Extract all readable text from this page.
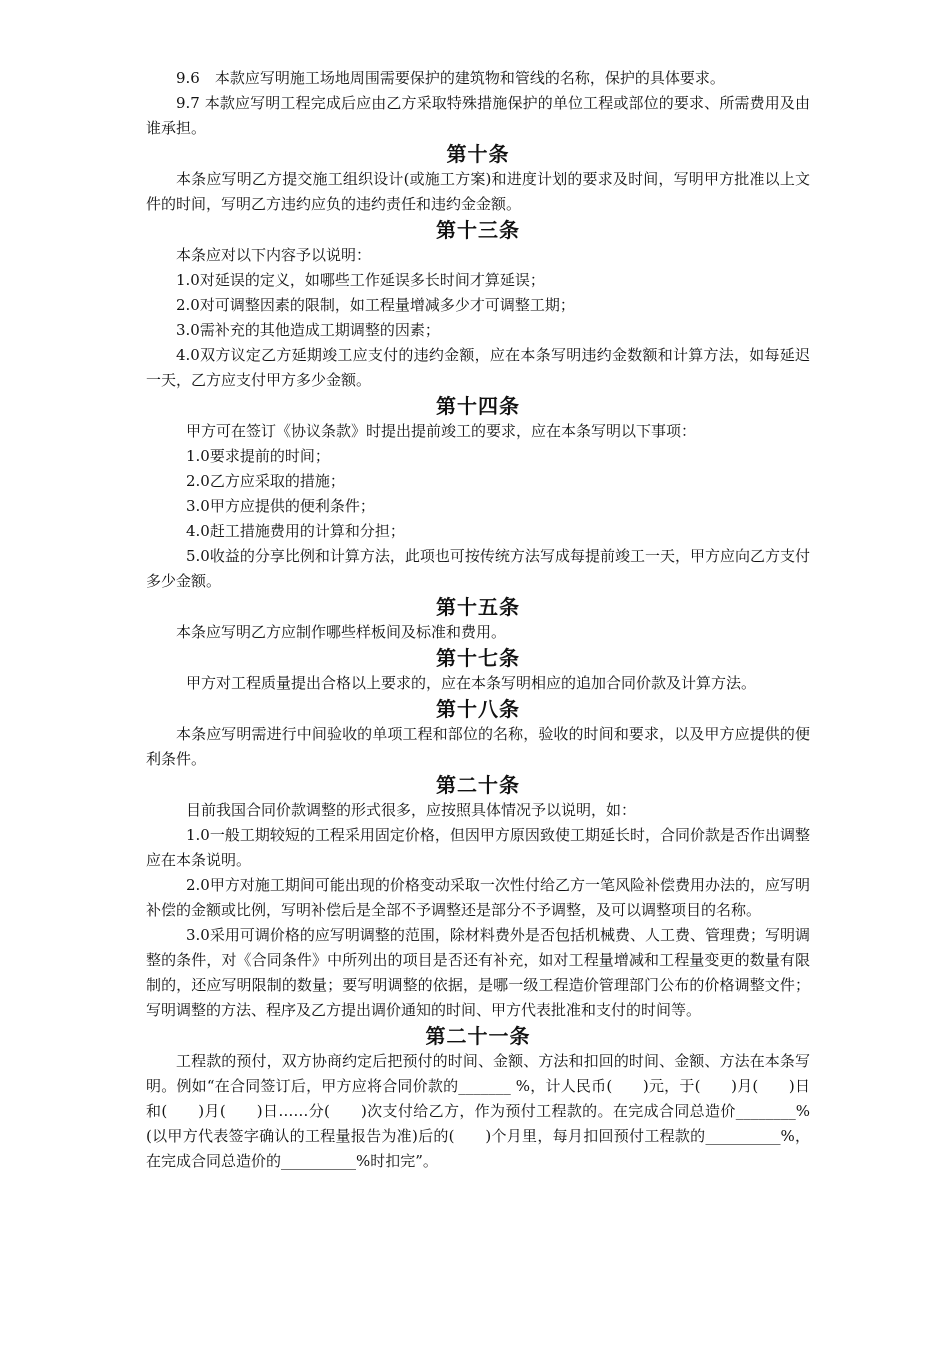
9.6　本款应写明施工场地周围需要保护的建筑物和管线的名称，保护的具体要求。

9.7 本款应写明工程完成后应由乙方采取特殊措施保护的单位工程或部位的要求、所需费用及由谁承担。

第十条

本条应写明乙方提交施工组织设计(或施工方案)和进度计划的要求及时间，写明甲方批准以上文件的时间，写明乙方违约应负的违约责任和违约金金额。

第十三条

本条应对以下内容予以说明：

1.0对延误的定义，如哪些工作延误多长时间才算延误；

2.0对可调整因素的限制，如工程量增减多少才可调整工期；

3.0需补充的其他造成工期调整的因素；

4.0双方议定乙方延期竣工应支付的违约金额，应在本条写明违约金数额和计算方法，如每延迟一天，乙方应支付甲方多少金额。

第十四条

甲方可在签订《协议条款》时提出提前竣工的要求，应在本条写明以下事项：

1.0要求提前的时间；

2.0乙方应采取的措施；

3.0甲方应提供的便利条件；

4.0赶工措施费用的计算和分担；

5.0收益的分享比例和计算方法，此项也可按传统方法写成每提前竣工一天，甲方应向乙方支付多少金额。

第十五条

本条应写明乙方应制作哪些样板间及标准和费用。

第十七条

甲方对工程质量提出合格以上要求的，应在本条写明相应的追加合同价款及计算方法。

第十八条

本条应写明需进行中间验收的单项工程和部位的名称，验收的时间和要求，以及甲方应提供的便利条件。

第二十条

目前我国合同价款调整的形式很多，应按照具体情况予以说明，如：

1.0一般工期较短的工程采用固定价格，但因甲方原因致使工期延长时，合同价款是否作出调整应在本条说明。

2.0甲方对施工期间可能出现的价格变动采取一次性付给乙方一笔风险补偿费用办法的，应写明补偿的金额或比例，写明补偿后是全部不予调整还是部分不予调整，及可以调整项目的名称。

3.0采用可调价格的应写明调整的范围，除材料费外是否包括机械费、人工费、管理费；写明调整的条件，对《合同条件》中所列出的项目是否还有补充，如对工程量增减和工程量变更的数量有限制的，还应写明限制的数量；要写明调整的依据，是哪一级工程造价管理部门公布的价格调整文件；写明调整的方法、程序及乙方提出调价通知的时间、甲方代表批准和支付的时间等。

第二十一条

工程款的预付，双方协商约定后把预付的时间、金额、方法和扣回的时间、金额、方法在本条写明。例如“在合同签订后，甲方应将合同价款的_______ %，计人民币(　　)元，于(　　)月(　　)日和(　　)月(　　)日……分(　　)次支付给乙方，作为预付工程款的。在完成合同总造价________%(以甲方代表签字确认的工程量报告为准)后的(　　)个月里，每月扣回预付工程款的__________%，在完成合同总造价的__________%时扣完”。
